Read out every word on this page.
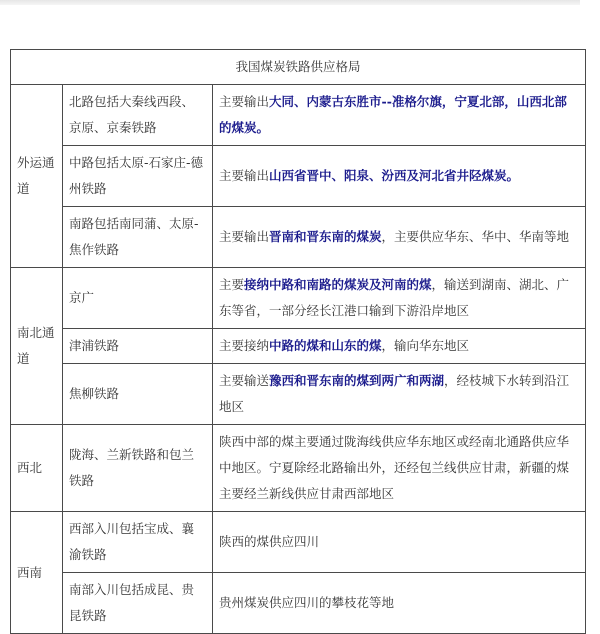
我国煤炭铁路供应格局		
外运通道	北路包括大秦线西段、京原、京秦铁路	主要输出大同、内蒙古东胜市--准格尔旗，宁夏北部，山西北部的煤炭。
	中路包括太原-石家庄-德州铁路	主要输出山西省晋中、阳泉、汾西及河北省井陉煤炭。
	南路包括南同蒲、太原-焦作铁路	主要输出晋南和晋东南的煤炭，主要供应华东、华中、华南等地
南北通道	京广	主要接纳中路和南路的煤炭及河南的煤，输送到湖南、湖北、广东等省，一部分经长江港口输到下游沿岸地区
	津浦铁路	主要接纳中路的煤和山东的煤，输向华东地区
	焦柳铁路	主要输送豫西和晋东南的煤到两广和两湖，经枝城下水转到沿江地区
西北	陇海、兰新铁路和包兰铁路	陕西中部的煤主要通过陇海线供应华东地区或经南北通路供应华中地区。宁夏除经北路输出外，还经包兰线供应甘肃，新疆的煤主要经兰新线供应甘肃西部地区
西南	西部入川包括宝成、襄渝铁路	陕西的煤供应四川
	南部入川包括成昆、贵昆铁路	贵州煤炭供应四川的攀枝花等地
